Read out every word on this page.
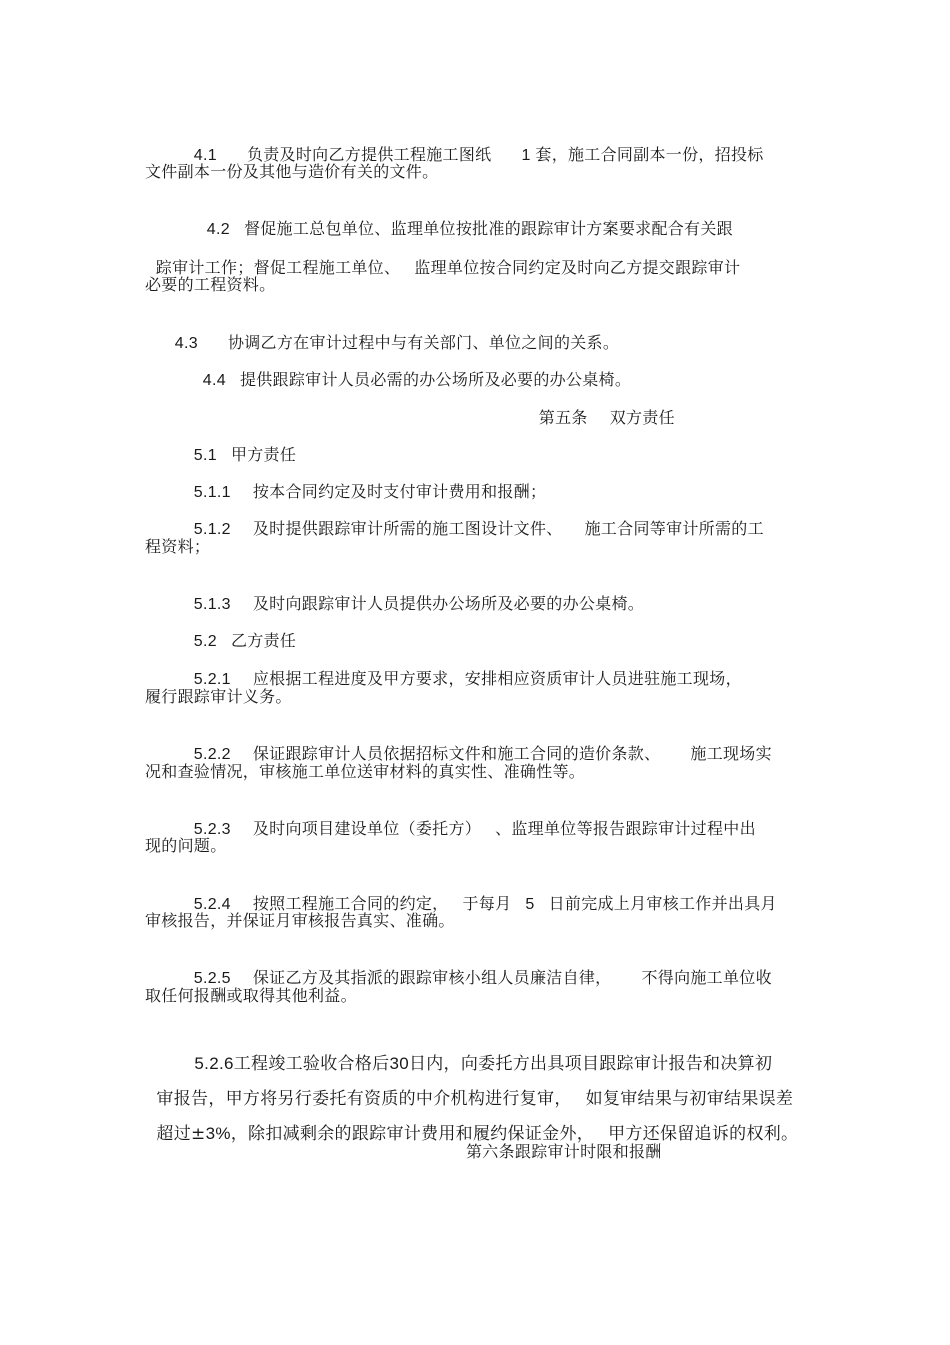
4.1 负责及时向乙方提供工程施工图纸 1 套，施工合同副本一份，招投标

文件副本一份及其他与造价有关的文件。

4.2 督促施工总包单位、监理单位按批准的跟踪审计方案要求配合有关跟

踪审计工作；督促工程施工单位、 监理单位按合同约定及时向乙方提交跟踪审计

必要的工程资料。

4.3 协调乙方在审计过程中与有关部门、单位之间的关系。

4.4 提供跟踪审计人员必需的办公场所及必要的办公桌椅。

第五条 双方责任

5.1 甲方责任

5.1.1 按本合同约定及时支付审计费用和报酬；

5.1.2 及时提供跟踪审计所需的施工图设计文件、 施工合同等审计所需的工

程资料；

5.1.3 及时向跟踪审计人员提供办公场所及必要的办公桌椅。

5.2 乙方责任

5.2.1 应根据工程进度及甲方要求，安排相应资质审计人员进驻施工现场，

履行跟踪审计义务。

5.2.2 保证跟踪审计人员依据招标文件和施工合同的造价条款、 施工现场实

况和查验情况，审核施工单位送审材料的真实性、准确性等。

5.2.3 及时向项目建设单位（委托方） 、监理单位等报告跟踪审计过程中出

现的问题。

5.2.4 按照工程施工合同的约定， 于每月 5 日前完成上月审核工作并出具月

审核报告，并保证月审核报告真实、准确。

5.2.5 保证乙方及其指派的跟踪审核小组人员廉洁自律， 不得向施工单位收

取任何报酬或取得其他利益。

5.2.6工程竣工验收合格后30日内，向委托方出具项目跟踪审计报告和决算初

审报告，甲方将另行委托有资质的中介机构进行复审， 如复审结果与初审结果误差

超过±3%，除扣减剩余的跟踪审计费用和履约保证金外， 甲方还保留追诉的权利。

第六条跟踪审计时限和报酬
